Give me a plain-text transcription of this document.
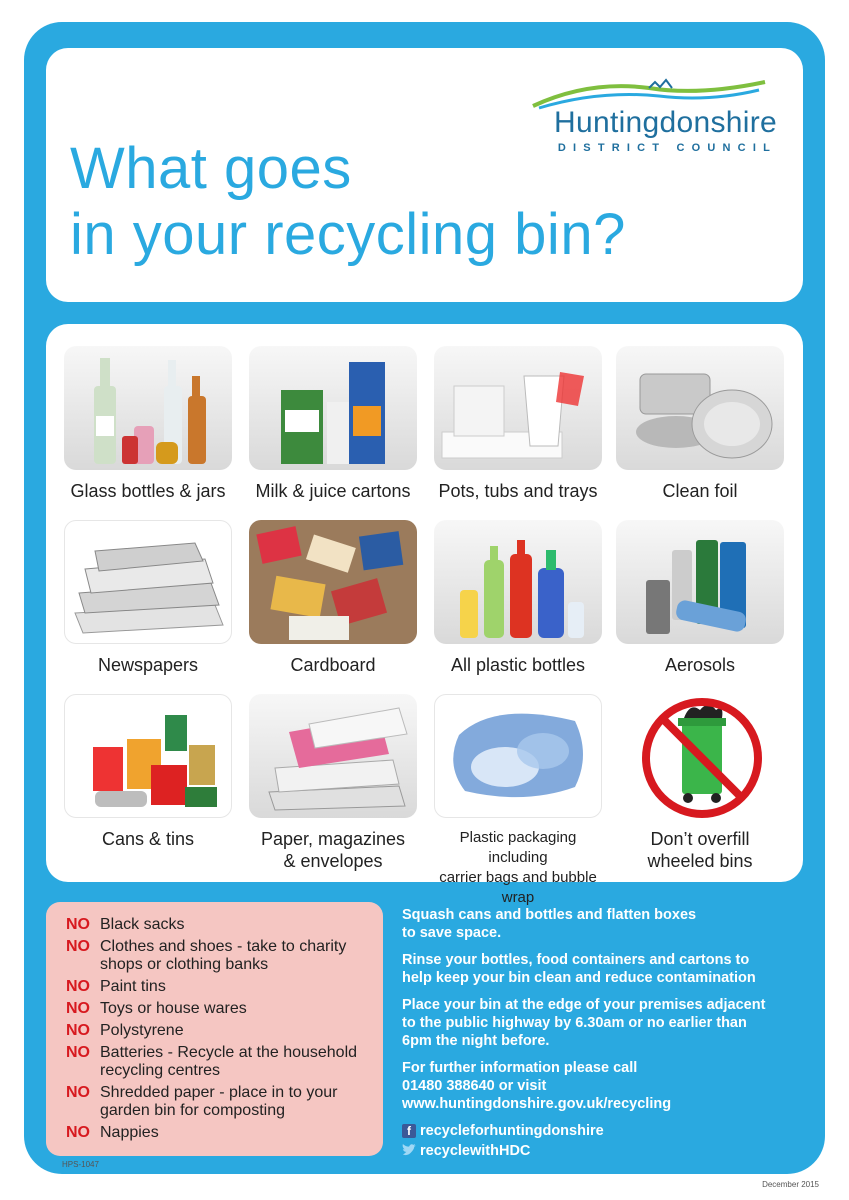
What goes
in your recycling bin?
Huntingdonshire
DISTRICT COUNCIL
Glass bottles & jars	Milk & juice cartons	Pots, tubs and trays	Clean foil
Newspapers	Cardboard	All plastic bottles	Aerosols
Cans & tins	Paper, magazines
& envelopes
Plastic packaging including
carrier bags and bubble wrap
Don’t overfill
wheeled bins
NO Black sacks
NO Clothes and shoes - take to charity
shops or clothing banks
NO Paint tins
NO Toys or house wares
NO Polystyrene
NO Batteries - Recycle at the household
recycling centres
NO Shredded paper - place in to your
garden bin for composting
NO Nappies

Squash cans and bottles and flatten boxes
to save space.

Rinse your bottles, food containers and cartons to
help keep your bin clean and reduce contamination

Place your bin at the edge of your premises adjacent
to the public highway by 6.30am or no earlier than
6pm the night before.

For further information please call
01480 388640 or visit
www.huntingdonshire.gov.uk/recycling

f recycleforhuntingdonshire
recyclewithHDC
HPS-1047
December 2015
